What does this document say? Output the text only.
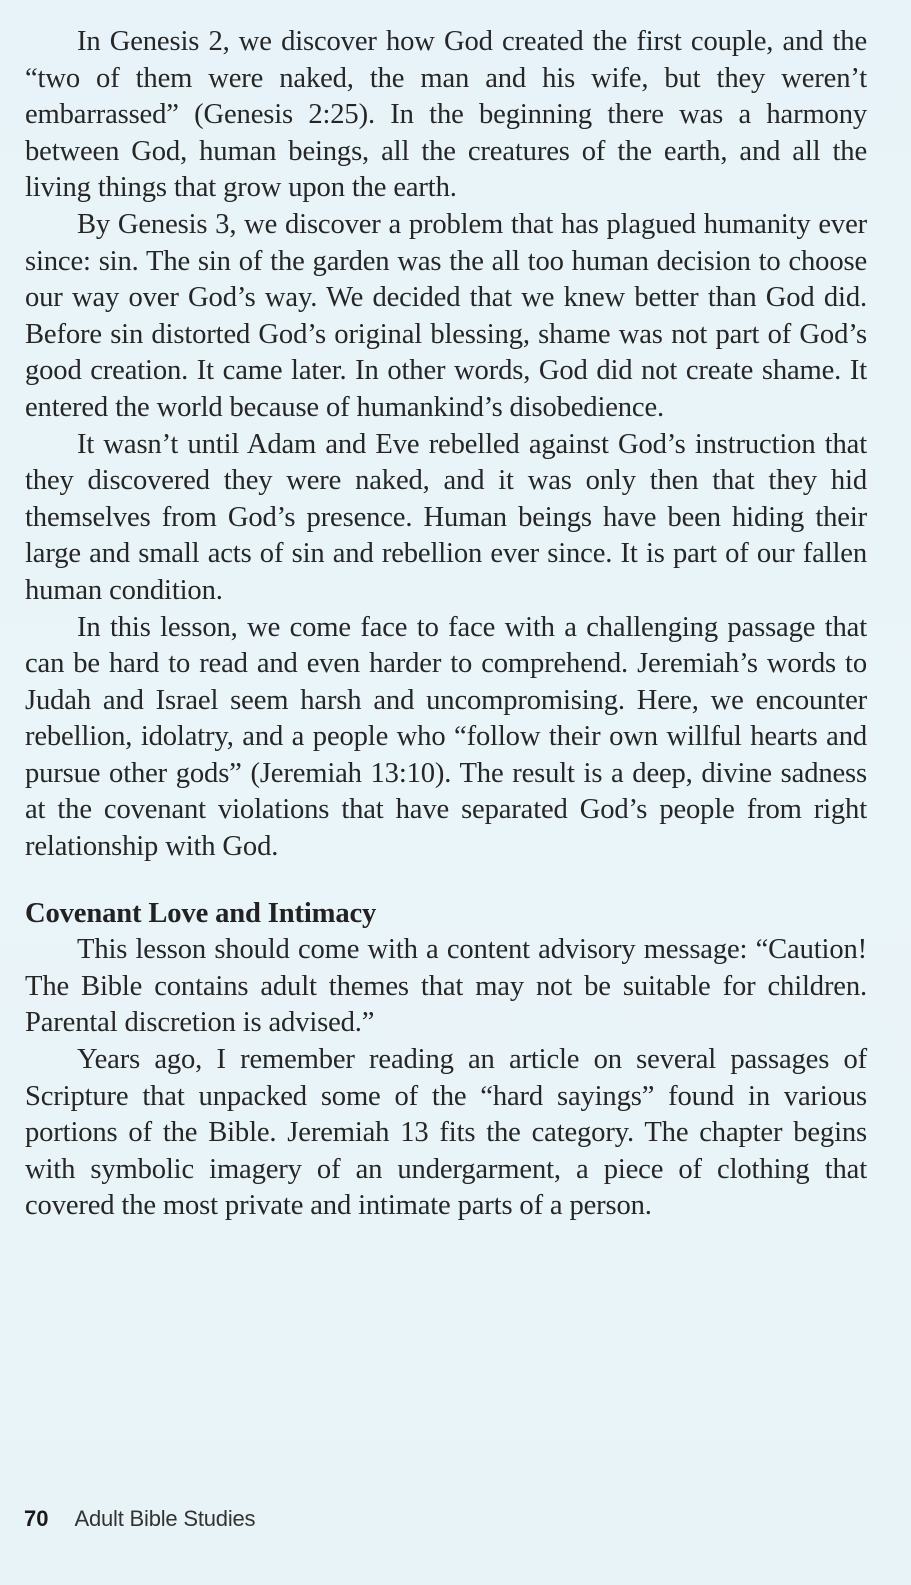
In Genesis 2, we discover how God created the first couple, and the “two of them were naked, the man and his wife, but they weren’t embarrassed” (Genesis 2:25). In the beginning there was a harmony between God, human beings, all the creatures of the earth, and all the living things that grow upon the earth.

By Genesis 3, we discover a problem that has plagued humanity ever since: sin. The sin of the garden was the all too human decision to choose our way over God’s way. We decided that we knew better than God did. Before sin distorted God’s original blessing, shame was not part of God’s good creation. It came later. In other words, God did not create shame. It entered the world because of humankind’s disobedience.

It wasn’t until Adam and Eve rebelled against God’s instruction that they discovered they were naked, and it was only then that they hid themselves from God’s presence. Human beings have been hiding their large and small acts of sin and rebellion ever since. It is part of our fallen human condition.

In this lesson, we come face to face with a challenging passage that can be hard to read and even harder to comprehend. Jeremiah’s words to Judah and Israel seem harsh and uncompromising. Here, we encounter rebellion, idolatry, and a people who “follow their own willful hearts and pursue other gods” (Jeremiah 13:10). The result is a deep, divine sadness at the covenant violations that have separated God’s people from right relationship with God.

Covenant Love and Intimacy

This lesson should come with a content advisory message: “Caution! The Bible contains adult themes that may not be suitable for children. Parental discretion is advised.”

Years ago, I remember reading an article on several passages of Scripture that unpacked some of the “hard sayings” found in various portions of the Bible. Jeremiah 13 fits the category. The chapter begins with symbolic imagery of an undergarment, a piece of clothing that covered the most private and intimate parts of a person.

70 Adult Bible Studies
